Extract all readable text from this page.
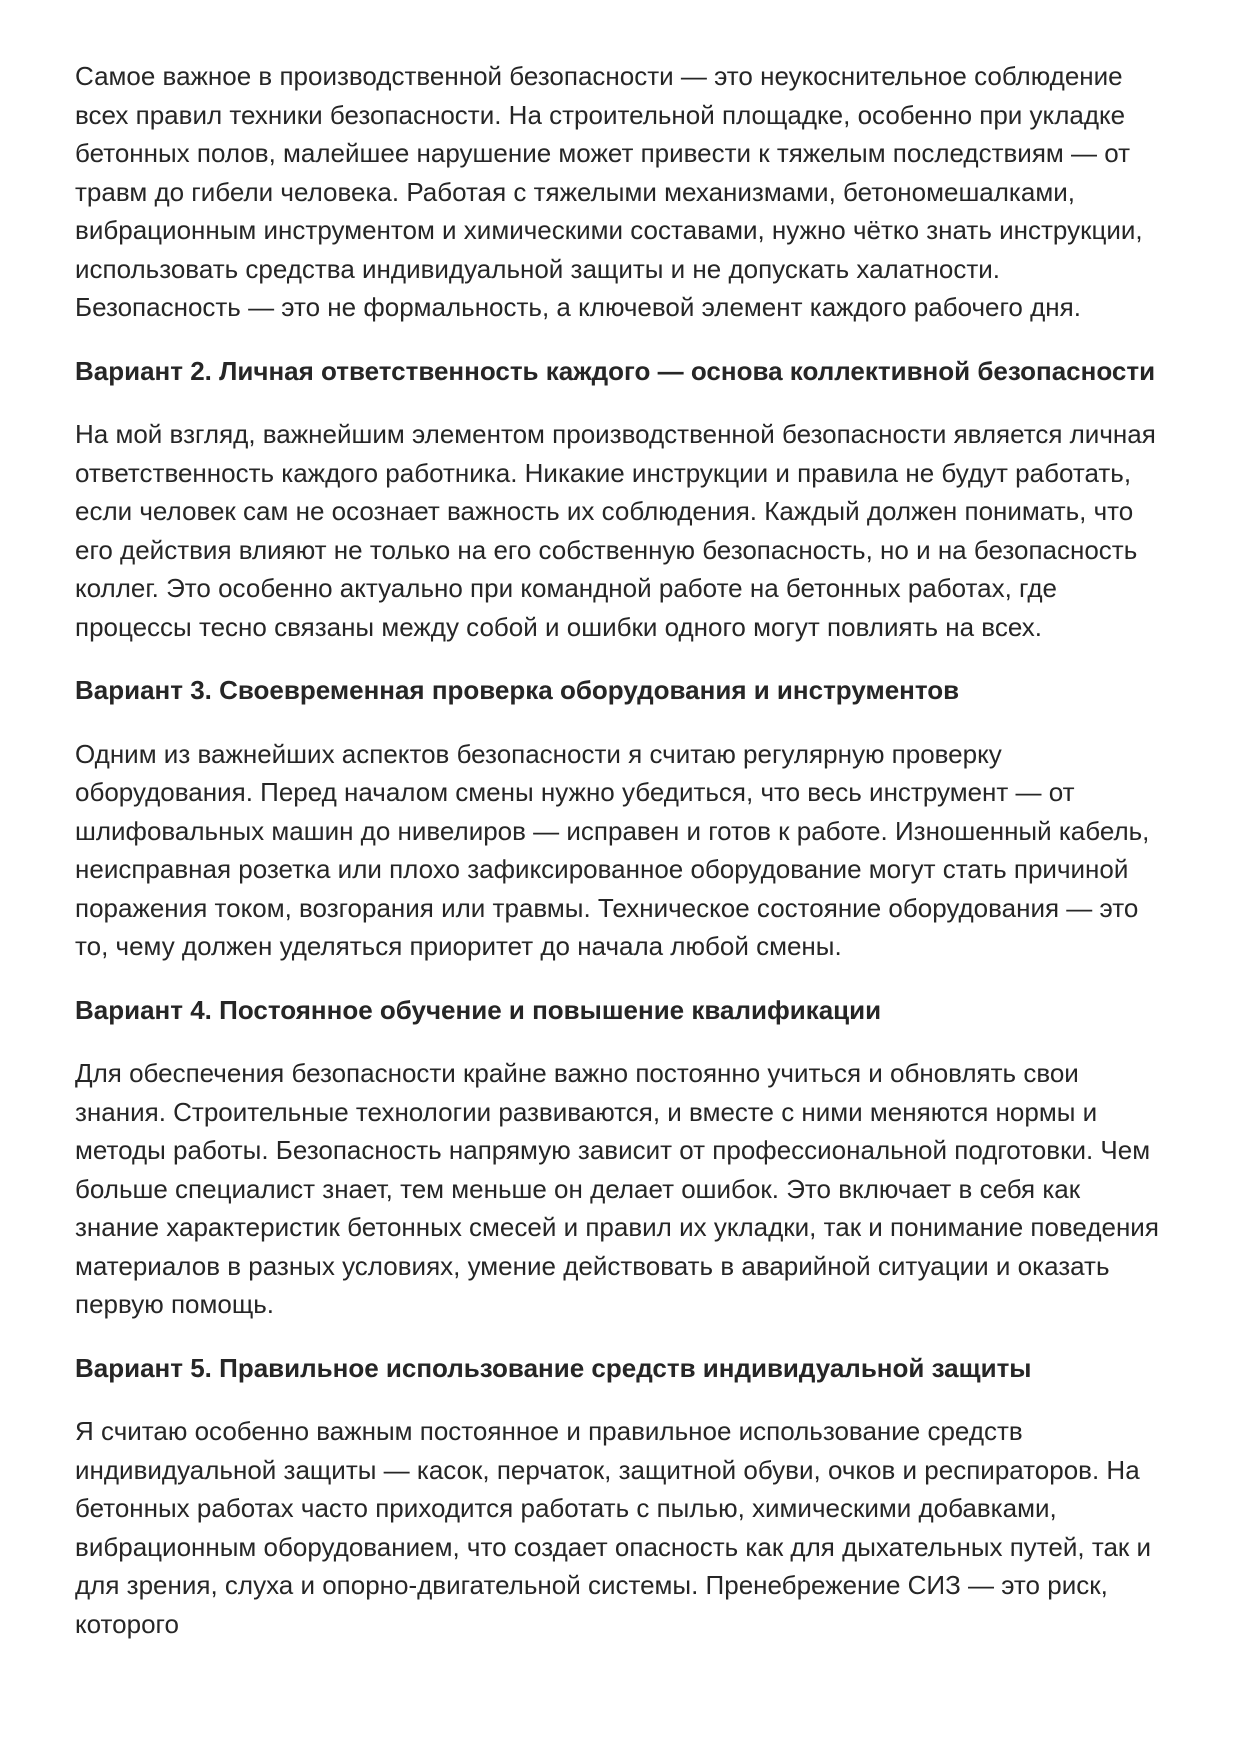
Самое важное в производственной безопасности — это неукоснительное соблюдение всех правил техники безопасности. На строительной площадке, особенно при укладке бетонных полов, малейшее нарушение может привести к тяжелым последствиям — от травм до гибели человека. Работая с тяжелыми механизмами, бетономешалками, вибрационным инструментом и химическими составами, нужно чётко знать инструкции, использовать средства индивидуальной защиты и не допускать халатности. Безопасность — это не формальность, а ключевой элемент каждого рабочего дня.

Вариант 2. Личная ответственность каждого — основа коллективной безопасности

На мой взгляд, важнейшим элементом производственной безопасности является личная ответственность каждого работника. Никакие инструкции и правила не будут работать, если человек сам не осознает важность их соблюдения. Каждый должен понимать, что его действия влияют не только на его собственную безопасность, но и на безопасность коллег. Это особенно актуально при командной работе на бетонных работах, где процессы тесно связаны между собой и ошибки одного могут повлиять на всех.

Вариант 3. Своевременная проверка оборудования и инструментов

Одним из важнейших аспектов безопасности я считаю регулярную проверку оборудования. Перед началом смены нужно убедиться, что весь инструмент — от шлифовальных машин до нивелиров — исправен и готов к работе. Изношенный кабель, неисправная розетка или плохо зафиксированное оборудование могут стать причиной поражения током, возгорания или травмы. Техническое состояние оборудования — это то, чему должен уделяться приоритет до начала любой смены.

Вариант 4. Постоянное обучение и повышение квалификации

Для обеспечения безопасности крайне важно постоянно учиться и обновлять свои знания. Строительные технологии развиваются, и вместе с ними меняются нормы и методы работы. Безопасность напрямую зависит от профессиональной подготовки. Чем больше специалист знает, тем меньше он делает ошибок. Это включает в себя как знание характеристик бетонных смесей и правил их укладки, так и понимание поведения материалов в разных условиях, умение действовать в аварийной ситуации и оказать первую помощь.

Вариант 5. Правильное использование средств индивидуальной защиты

Я считаю особенно важным постоянное и правильное использование средств индивидуальной защиты — касок, перчаток, защитной обуви, очков и респираторов. На бетонных работах часто приходится работать с пылью, химическими добавками, вибрационным оборудованием, что создает опасность как для дыхательных путей, так и для зрения, слуха и опорно-двигательной системы. Пренебрежение СИЗ — это риск, которого
